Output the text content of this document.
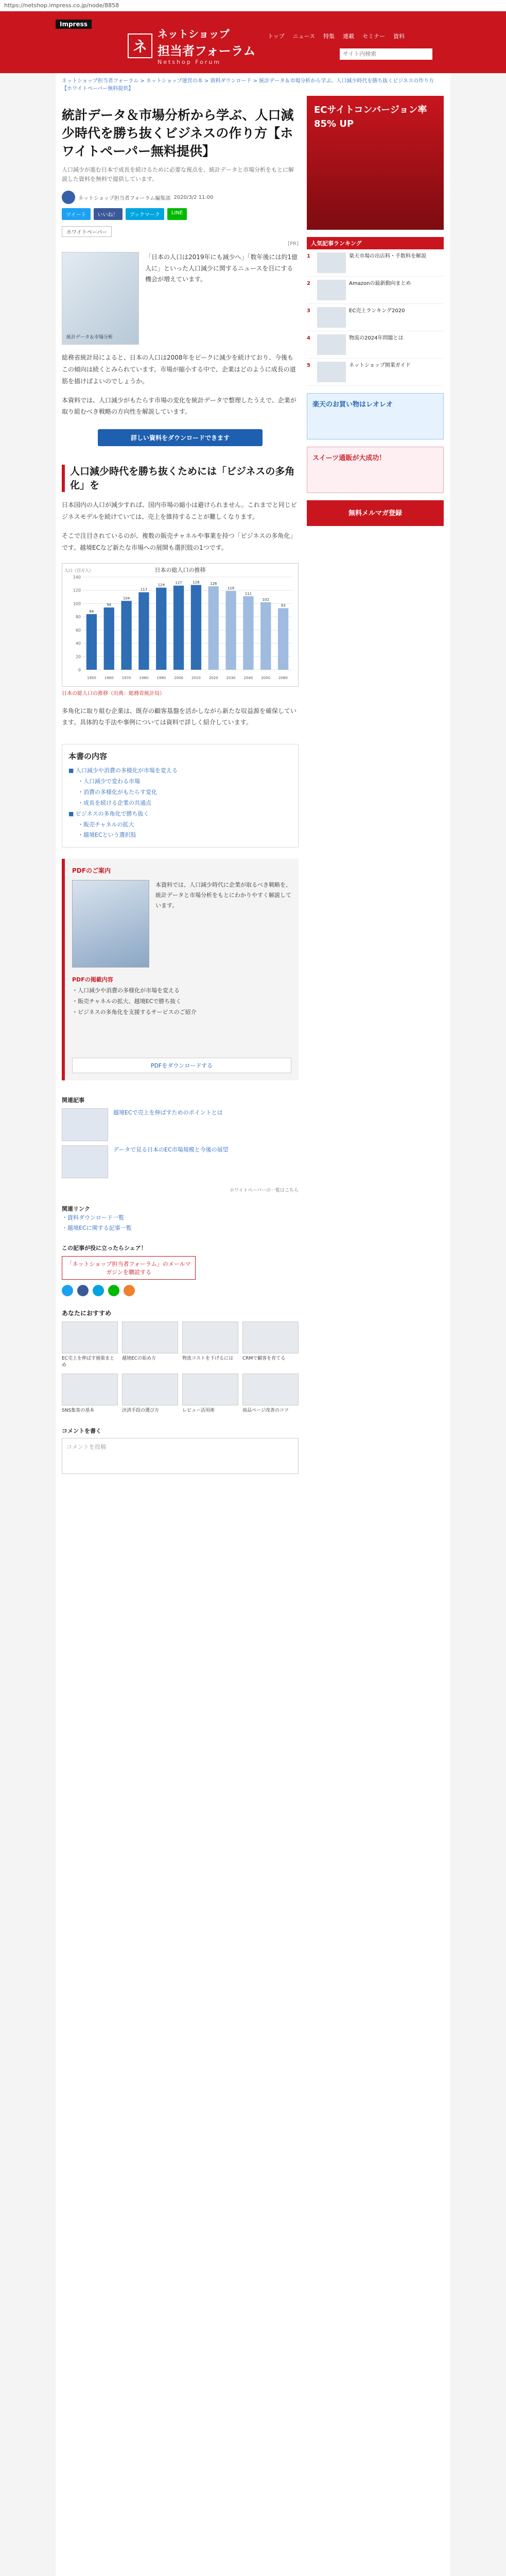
https://netshop.impress.co.jp/node/8858
Impress
ネ
ネットショップ
担当者フォーラム
Netshop Forum
トップ ニュース 特集 連載 セミナー 資料
サイト内検索
ネットショップ担当者フォーラム > ネットショップ運営の本 > 資料ダウンロード > 統計データ＆市場分析から学ぶ、人口減少時代を勝ち抜くビジネスの作り方【ホワイトペーパー無料提供】
統計データ＆市場分析から学ぶ、人口減少時代を勝ち抜くビジネスの作り方【ホワイトペーパー無料提供】
人口減少が進む日本で成長を続けるために必要な視点を、統計データと市場分析をもとに解説した資料を無料で提供しています。
ネットショップ担当者フォーラム編集部
2020/3/2 11:00
ツイート	いいね！	ブックマーク	LINE
ホワイトペーパー
[PR]
統計データ＆市場分析
「日本の人口は2019年にも減少へ」「数年後には約1億人に」といった人口減少に関するニュースを目にする機会が増えています。

総務省統計局によると、日本の人口は2008年をピークに減少を続けており、今後もこの傾向は続くとみられています。市場が縮小する中で、企業はどのように成長の道筋を描けばよいのでしょうか。

本資料では、人口減少がもたらす市場の変化を統計データで整理したうえで、企業が取り組むべき戦略の方向性を解説しています。

詳しい資料をダウンロードできます
人口減少時代を勝ち抜くためには「ビジネスの多角化」を

日本国内の人口が減少すれば、国内市場の縮小は避けられません。これまでと同じビジネスモデルを続けていては、売上を維持することが難しくなります。

そこで注目されているのが、複数の販売チャネルや事業を持つ「ビジネスの多角化」です。越境ECなど新たな市場への展開も選択肢の1つです。

日本の総人口の推移
人口（百万人）
0
20
40
60
80
100
120
140
1950
84
1960
94
1970
104
1980
117
1990
124
2000
127
2010
128
2020
126
2030
119
2040
111
2050
102
2060
93
日本の総人口の推移（出典：総務省統計局）

多角化に取り組む企業は、既存の顧客基盤を活かしながら新たな収益源を確保しています。具体的な手法や事例については資料で詳しく紹介しています。

本書の内容
■ 人口減少や消費の多様化が市場を変える
・人口減少で変わる市場
・消費の多様化がもたらす変化
・成長を続ける企業の共通点
■ ビジネスの多角化で勝ち抜く
・販売チャネルの拡大
・越境ECという選択肢
PDFのご案内
本資料では、人口減少時代に企業が取るべき戦略を、統計データと市場分析をもとにわかりやすく解説しています。
PDFの掲載内容
・人口減少や消費の多様化が市場を変える
・販売チャネルの拡大、越境ECで勝ち抜く
・ビジネスの多角化を支援するサービスのご紹介
PDFをダウンロードする
関連記事
越境ECで売上を伸ばすためのポイントとは
データで見る日本のEC市場規模と今後の展望
ホワイトペーパーの一覧はこちら
関連リンク
・資料ダウンロード一覧
・越境ECに関する記事一覧
この記事が役に立ったらシェア！
「ネットショップ担当者フォーラム」のメールマガジンを購読する
あなたにおすすめ
EC売上を伸ばす施策まとめ
越境ECの始め方	物流コストを下げるには	CRMで顧客を育てる
SNS集客の基本	決済手段の選び方	レビュー活用術	商品ページ改善のコツ
コメントを書く
コメントを投稿
ECサイトコンバージョン率 85% UP
人気記事ランキング
1	楽天市場の出店料・手数料を解説
2	Amazonの最新動向まとめ
3	EC売上ランキング2020
4	物流の2024年問題とは
5	ネットショップ開業ガイド
楽天のお買い物はレオレオ
スイーツ通販が大成功！
無料メルマガ登録
